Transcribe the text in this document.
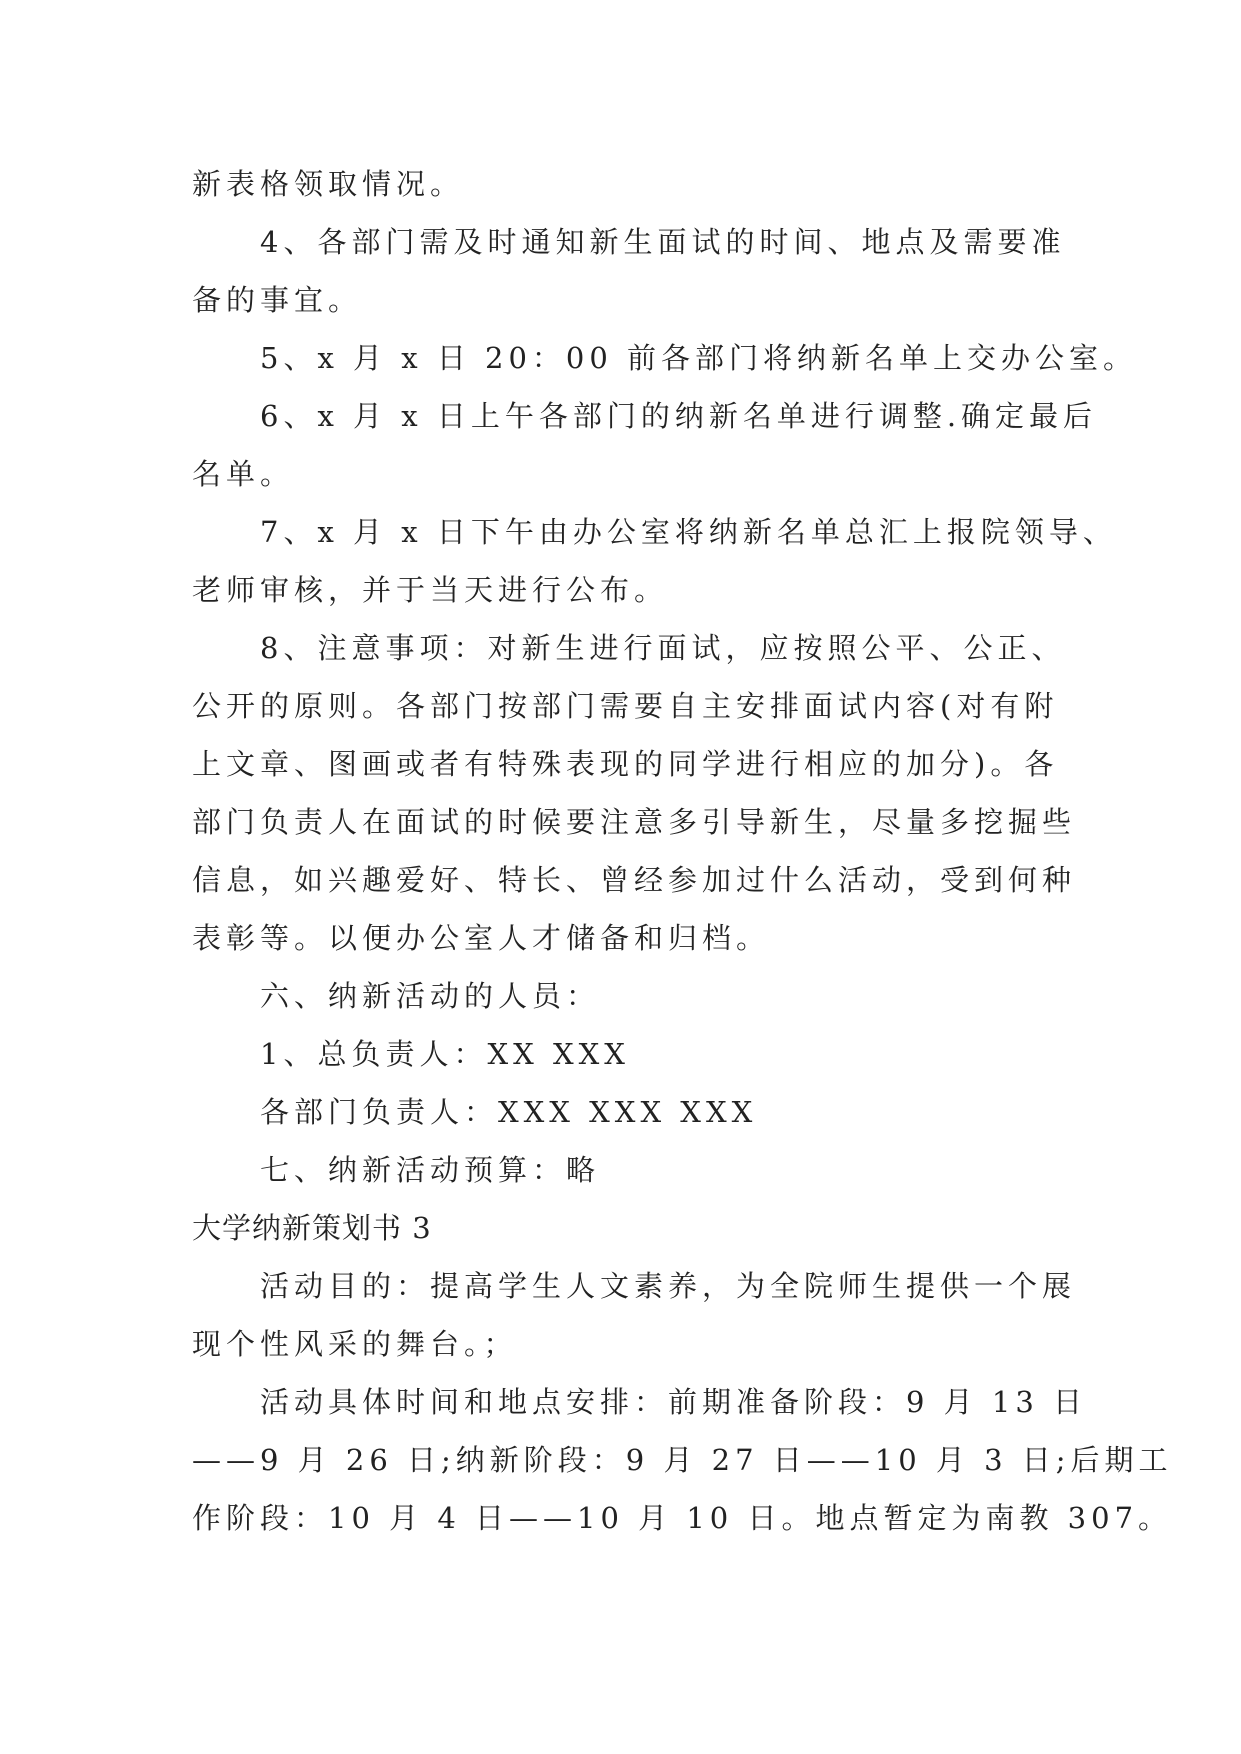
新表格领取情况。
4、各部门需及时通知新生面试的时间、地点及需要准
备的事宜。
5、x 月 x 日 20：00 前各部门将纳新名单上交办公室。
6、x 月 x 日上午各部门的纳新名单进行调整.确定最后
名单。
7、x 月 x 日下午由办公室将纳新名单总汇上报院领导、
老师审核，并于当天进行公布。
8、注意事项：对新生进行面试，应按照公平、公正、
公开的原则。各部门按部门需要自主安排面试内容(对有附
上文章、图画或者有特殊表现的同学进行相应的加分)。各
部门负责人在面试的时候要注意多引导新生，尽量多挖掘些
信息，如兴趣爱好、特长、曾经参加过什么活动，受到何种
表彰等。以便办公室人才储备和归档。
六、纳新活动的人员：
1、总负责人：XX XXX
各部门负责人：XXX XXX XXX
七、纳新活动预算：略
大学纳新策划书 3
活动目的：提高学生人文素养，为全院师生提供一个展
现个性风采的舞台。；
活动具体时间和地点安排：前期准备阶段：9 月 13 日
——9 月 26 日;纳新阶段：9 月 27 日——10 月 3 日;后期工
作阶段：10 月 4 日——10 月 10 日。地点暂定为南教 307。
